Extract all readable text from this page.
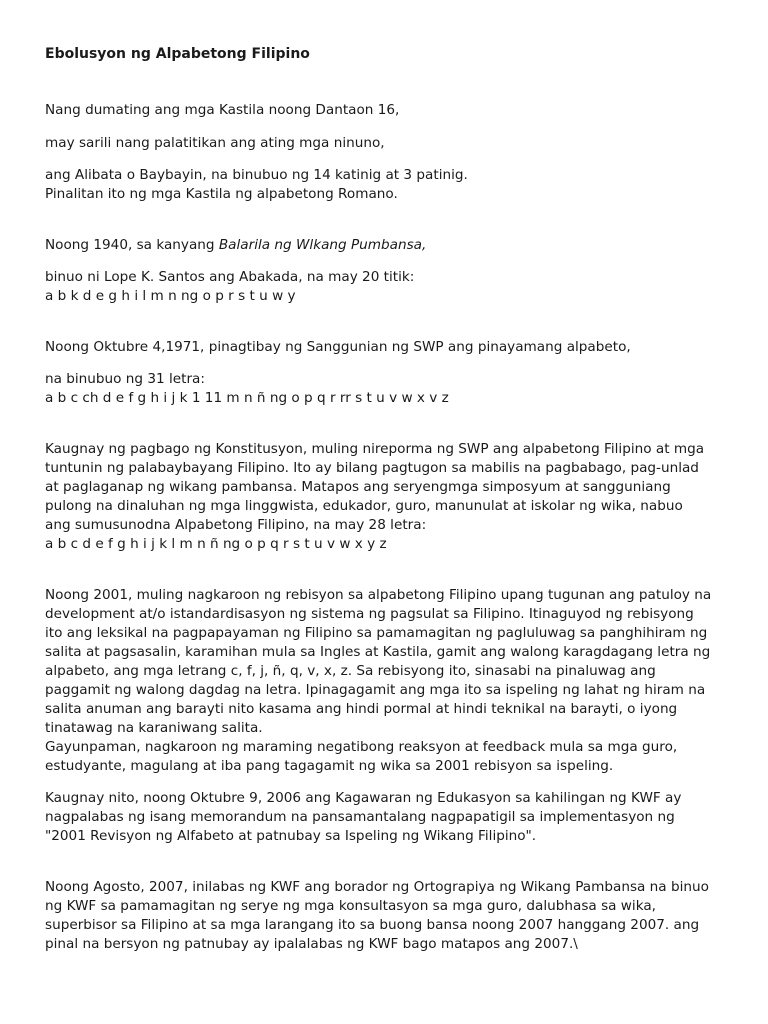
Ebolusyon ng Alpabetong Filipino
Nang dumating ang mga Kastila noong Dantaon 16,
may sarili nang palatitikan ang ating mga ninuno,
ang Alibata o Baybayin, na binubuo ng 14 katinig at 3 patinig.
Pinalitan ito ng mga Kastila ng alpabetong Romano.
Noong 1940, sa kanyang Balarila ng Wlkang Pumbansa,
binuo ni Lope K. Santos ang Abakada, na may 20 titik:
a b k d e g h i l m n ng o p r s t u w y
Noong Oktubre 4,1971, pinagtibay ng Sanggunian ng SWP ang pinayamang alpabeto,
na binubuo ng 31 letra:
a b c ch d e f g h i j k 1 11 m n ñ ng o p q r rr s t u v w x v z
Kaugnay ng pagbago ng Konstitusyon, muling nireporma ng SWP ang alpabetong Filipino at mga
tuntunin ng palabaybayang Filipino. Ito ay bilang pagtugon sa mabilis na pagbabago, pag-unlad
at paglaganap ng wikang pambansa. Matapos ang seryengmga simposyum at sangguniang
pulong na dinaluhan ng mga linggwista, edukador, guro, manunulat at iskolar ng wika, nabuo
ang sumusunodna Alpabetong Filipino, na may 28 letra:
a b c d e f g h i j k l m n ñ ng o p q r s t u v w x y z
Noong 2001, muling nagkaroon ng rebisyon sa alpabetong Filipino upang tugunan ang patuloy na
development at/o istandardisasyon ng sistema ng pagsulat sa Filipino. Itinaguyod ng rebisyong
ito ang leksikal na pagpapayaman ng Filipino sa pamamagitan ng pagluluwag sa panghihiram ng
salita at pagsasalin, karamihan mula sa Ingles at Kastila, gamit ang walong karagdagang letra ng
alpabeto, ang mga letrang c, f, j, ñ, q, v, x, z. Sa rebisyong ito, sinasabi na pinaluwag ang
paggamit ng walong dagdag na letra. Ipinagagamit ang mga ito sa ispeling ng lahat ng hiram na
salita anuman ang barayti nito kasama ang hindi pormal at hindi teknikal na barayti, o iyong
tinatawag na karaniwang salita.
Gayunpaman, nagkaroon ng maraming negatibong reaksyon at feedback mula sa mga guro,
estudyante, magulang at iba pang tagagamit ng wika sa 2001 rebisyon sa ispeling.
Kaugnay nito, noong Oktubre 9, 2006 ang Kagawaran ng Edukasyon sa kahilingan ng KWF ay
nagpalabas ng isang memorandum na pansamantalang nagpapatigil sa implementasyon ng
"2001 Revisyon ng Alfabeto at patnubay sa Ispeling ng Wikang Filipino".
Noong Agosto, 2007, inilabas ng KWF ang borador ng Ortograpiya ng Wikang Pambansa na binuo
ng KWF sa pamamagitan ng serye ng mga konsultasyon sa mga guro, dalubhasa sa wika,
superbisor sa Filipino at sa mga larangang ito sa buong bansa noong 2007 hanggang 2007. ang
pinal na bersyon ng patnubay ay ipalalabas ng KWF bago matapos ang 2007.\
